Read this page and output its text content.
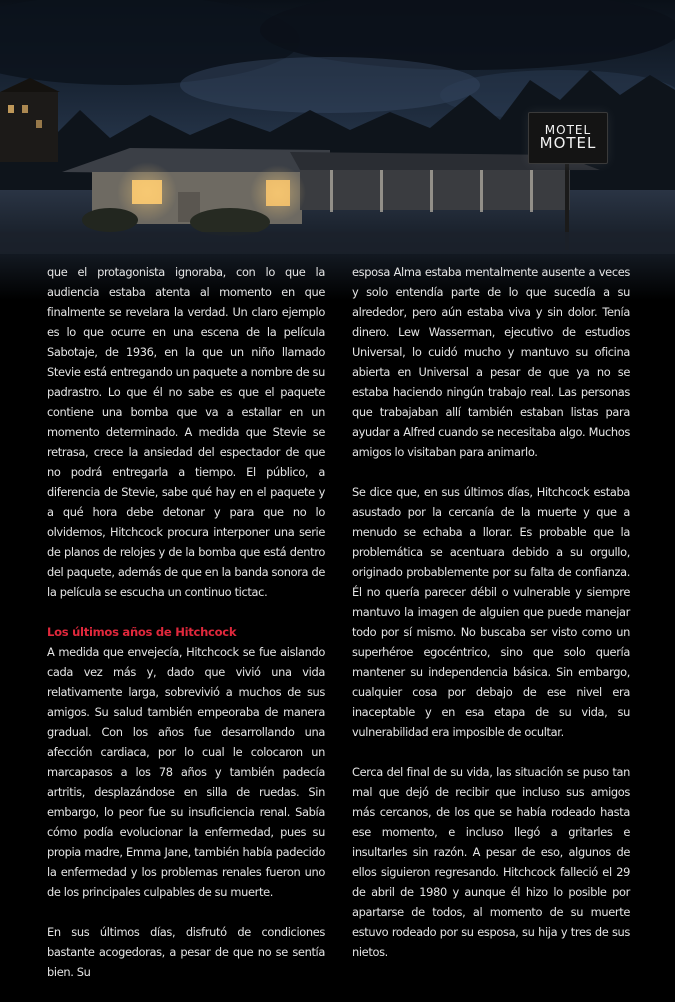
MOTEL
MOTEL

que el protagonista ignoraba, con lo que la audiencia estaba atenta al momento en que finalmente se revelara la verdad. Un claro ejemplo es lo que ocurre en una escena de la película Sabotaje, de 1936, en la que un niño llamado Stevie está entregando un paquete a nombre de su padrastro. Lo que él no sabe es que el paquete contiene una bomba que va a estallar en un momento determinado. A medida que Stevie se retrasa, crece la ansiedad del espectador de que no podrá entregarla a tiempo. El público, a diferencia de Stevie, sabe qué hay en el paquete y a qué hora debe detonar y para que no lo olvidemos, Hitchcock procura interponer una serie de planos de relojes y de la bomba que está dentro del paquete, además de que en la banda sonora de la película se escucha un continuo tictac.

Los últimos años de Hitchcock

A medida que envejecía, Hitchcock se fue aislando cada vez más y, dado que vivió una vida relativamente larga, sobrevivió a muchos de sus amigos. Su salud también empeoraba de manera gradual. Con los años fue desarrollando una afección cardiaca, por lo cual le colocaron un marcapasos a los 78 años y también padecía artritis, desplazándose en silla de ruedas. Sin embargo, lo peor fue su insuficiencia renal. Sabía cómo podía evolucionar la enfermedad, pues su propia madre, Emma Jane, también había padecido la enfermedad y los problemas renales fueron uno de los principales culpables de su muerte.

En sus últimos días, disfrutó de condiciones bastante acogedoras, a pesar de que no se sentía bien. Su

esposa Alma estaba mentalmente ausente a veces y solo entendía parte de lo que sucedía a su alrededor, pero aún estaba viva y sin dolor. Tenía dinero. Lew Wasserman, ejecutivo de estudios Universal, lo cuidó mucho y mantuvo su oficina abierta en Universal a pesar de que ya no se estaba haciendo ningún trabajo real. Las personas que trabajaban allí también estaban listas para ayudar a Alfred cuando se necesitaba algo. Muchos amigos lo visitaban para animarlo.

Se dice que, en sus últimos días, Hitchcock estaba asustado por la cercanía de la muerte y que a menudo se echaba a llorar. Es probable que la problemática se acentuara debido a su orgullo, originado probablemente por su falta de confianza. Él no quería parecer débil o vulnerable y siempre mantuvo la imagen de alguien que puede manejar todo por sí mismo. No buscaba ser visto como un superhéroe egocéntrico, sino que solo quería mantener su independencia básica. Sin embargo, cualquier cosa por debajo de ese nivel era inaceptable y en esa etapa de su vida, su vulnerabilidad era imposible de ocultar.

Cerca del final de su vida, las situación se puso tan mal que dejó de recibir que incluso sus amigos más cercanos, de los que se había rodeado hasta ese momento, e incluso llegó a gritarles e insultarles sin razón. A pesar de eso, algunos de ellos siguieron regresando. Hitchcock falleció el 29 de abril de 1980 y aunque él hizo lo posible por apartarse de todos, al momento de su muerte estuvo rodeado por su esposa, su hija y tres de sus nietos.
